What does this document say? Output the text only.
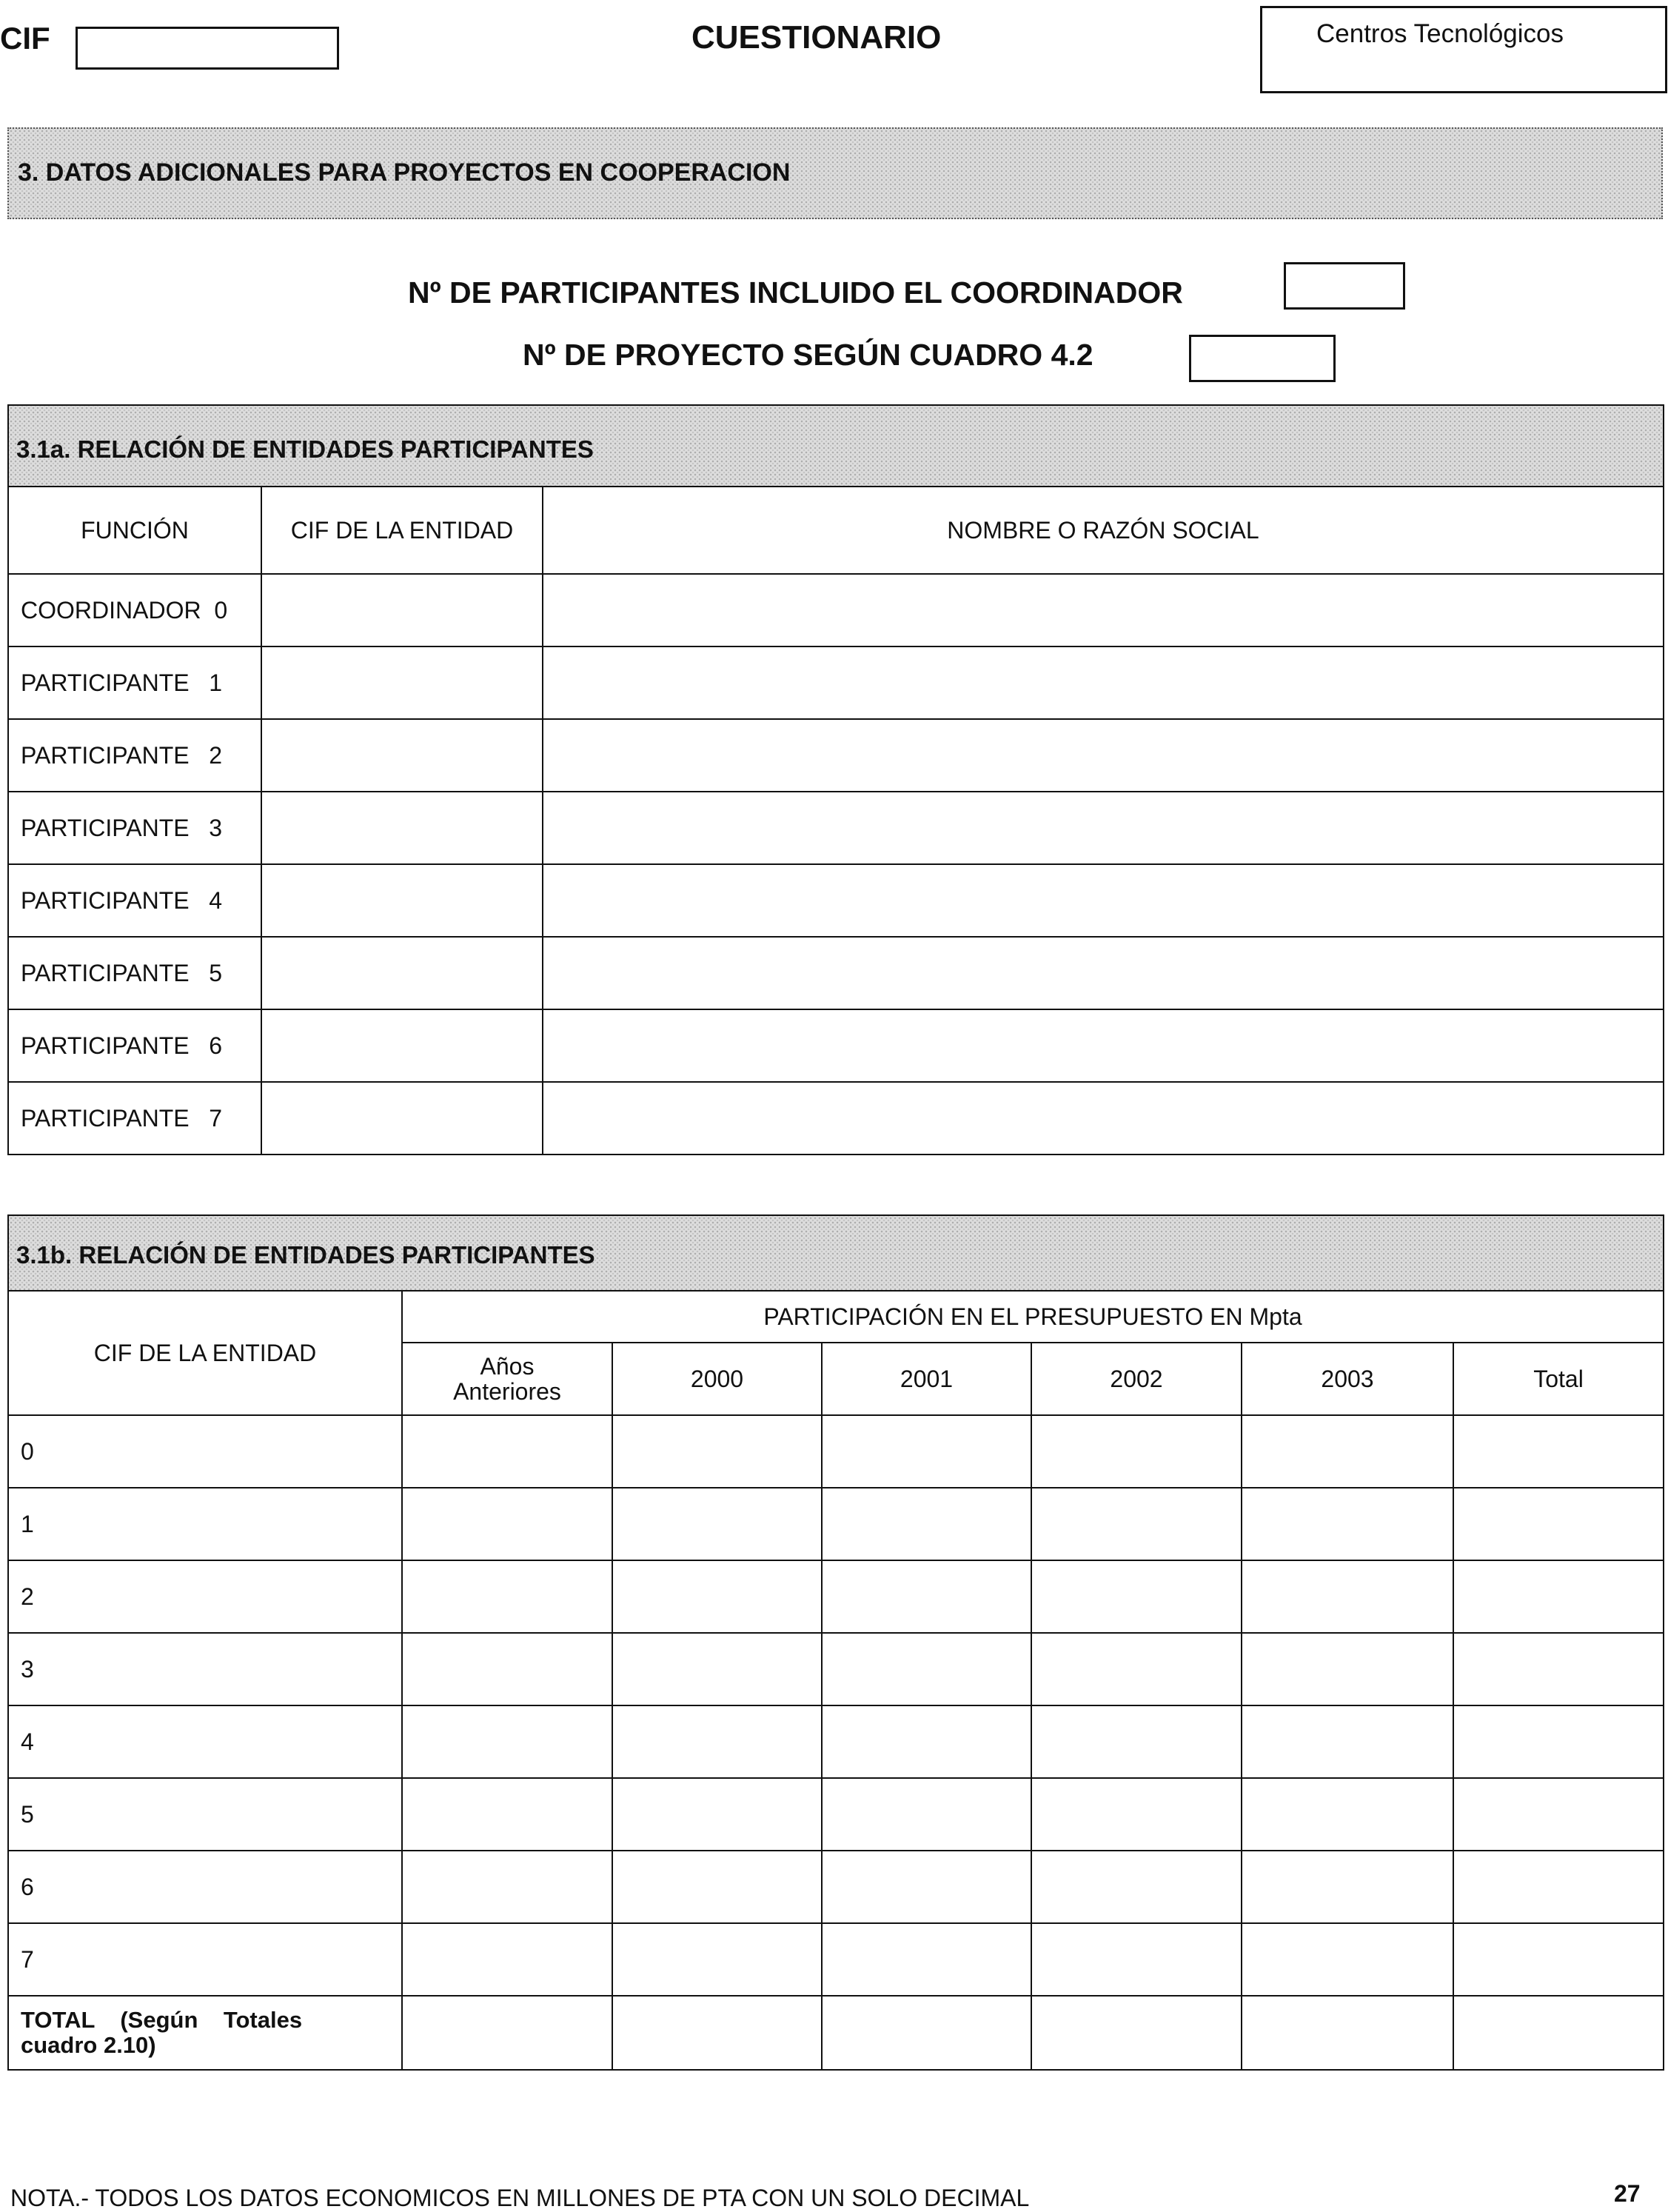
CIF	CUESTIONARIO	Centros Tecnológicos
3. DATOS ADICIONALES PARA PROYECTOS EN COOPERACION
Nº DE PARTICIPANTES INCLUIDO EL COORDINADOR
Nº DE PROYECTO SEGÚN CUADRO 4.2
3.1a. RELACIÓN DE ENTIDADES PARTICIPANTES
FUNCIÓN	CIF DE LA ENTIDAD	NOMBRE O RAZÓN SOCIAL
COORDINADOR 0		
PARTICIPANTE 1		
PARTICIPANTE 2		
PARTICIPANTE 3		
PARTICIPANTE 4		
PARTICIPANTE 5		
PARTICIPANTE 6		
PARTICIPANTE 7		
3.1b. RELACIÓN DE ENTIDADES PARTICIPANTES
CIF DE LA ENTIDAD	PARTICIPACIÓN EN EL PRESUPUESTO EN Mpta					
	Años
Anteriores	2000	2001	2002	2003	Total
0						
1						
2						
3						
4						
5						
6						
7						
TOTAL    (Según    Totales
cuadro 2.10)						
NOTA.- TODOS LOS DATOS ECONOMICOS EN MILLONES DE PTA CON UN SOLO DECIMAL	27
